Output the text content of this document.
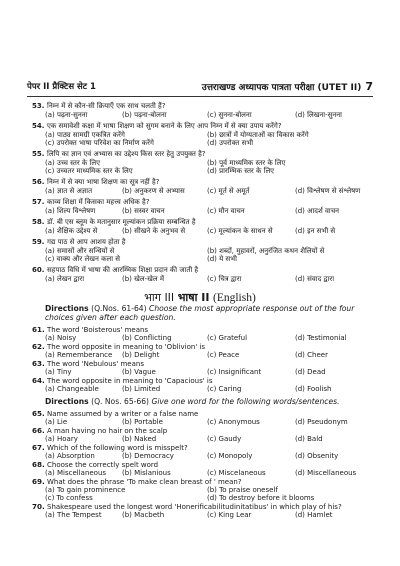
पेपर II प्रैक्टिस सेट 1	उत्तराखण्ड अध्यापक पात्रता परीक्षा (UTET II) 7
53. निम्न में से कौन-सी क्रियाएँ एक साथ चलती हैं?
(a) पढ़ना-सुनना	(b) पढ़ना-बोलना	(c) सुनना-बोलना	(d) लिखना-सुनना
54. एक समावेशी कक्षा में भाषा शिक्षण को सुगम बनाने के लिए आप निम्न में से क्या उपाय करेंगे?
(a) पाठ्य सामग्री एकत्रित करेंगे	(b) छात्रों में योग्यताओं का विकास करेंगे
(c) उपरोक्त भाषा परिवेश का निर्माण करेंगे	(d) उपरोक्त सभी
55. लिपि का ज्ञान एवं अभ्यास का उद्देश्य किस स्तर हेतु उपयुक्त है?
(a) उच्च स्तर के लिए	(b) पूर्व माध्यमिक स्तर के लिए
(c) उच्चतर माध्यमिक स्तर के लिए	(d) प्रारम्भिक स्तर के लिए
56. निम्न में से क्या भाषा शिक्षण का सूत्र नहीं है?
(a) ज्ञात से अज्ञात	(b) अनुकरण से अभ्यास	(c) मूर्त से अमूर्त	(d) विश्लेषण से संश्लेषण
57. काव्य शिक्षा में किसका महत्त्व अधिक है?
(a) शिल्प विश्लेषण	(b) सस्वर वाचन	(c) मौन वाचन	(d) आदर्श वाचन
58. डॉ. बी एस ब्लूम के मतानुसार मूल्यांकन प्रक्रिया सम्बन्धित है
(a) शैक्षिक उद्देश्य से	(b) सीखने के अनुभव से	(c) मूल्यांकन के साधन से	(d) इन सभी से
59. गद्य पाठ से आप आशय होता है
(a) समासों और सन्धियों से	(b) शब्दों, मुहावरों, अनुरंजित कथन शैलियों से
(c) वाक्य और लेखन कला से	(d) ये सभी
60. सहपाठ विधि में भाषा की आरम्भिक शिक्षा प्रदान की जाती है
(a) लेखन द्वारा	(b) खेल-खेल में	(c) चित्र द्वारा	(d) संवाद द्वारा
भाग III भाषा II (English)
Directions (Q.Nos. 61-64) Choose the most appropriate response out of the four choices given after each question.
61. The word 'Boisterous' means
(a) Noisy	(b) Conflicting	(c) Grateful	(d) Testimonial
62. The word opposite in meaning to 'Oblivion' is
(a) Rememberance (b) Delight	(c) Peace	(d) Cheer
63. The word 'Nebulous' means
(a) Tiny	(b) Vague	(c) Insignificant	(d) Dead
64. The word opposite in meaning to 'Capacious' is
(a) Changeable	(b) Limited	(c) Caring	(d) Foolish
Directions (Q. Nos. 65-66) Give one word for the following words/sentences.
65. Name assumed by a writer or a false name
(a) Lie	(b) Portable	(c) Anonymous	(d) Pseudonym
66. A man having no hair on the scalp
(a) Hoary	(b) Naked	(c) Gaudy	(d) Bald
67. Which of the following word is misspelt?
(a) Absorption	(b) Democracy	(c) Monopoly	(d) Obsenity
68. Choose the correctly spelt word
(a) Miscellaneous (b) Mislanious	(c) Miscelaneous	(d) Miscellaneous
69. What does the phrase 'To make clean breast of ' mean?
(a) To gain prominence	(b) To praise oneself
(c) To confess	(d) To destroy before it blooms
70. Shakespeare used the longest word 'Honerificabilitudinitatibus' in which play of his?
(a) The Tempest	(b) Macbeth	(c) King Lear	(d) Hamlet
